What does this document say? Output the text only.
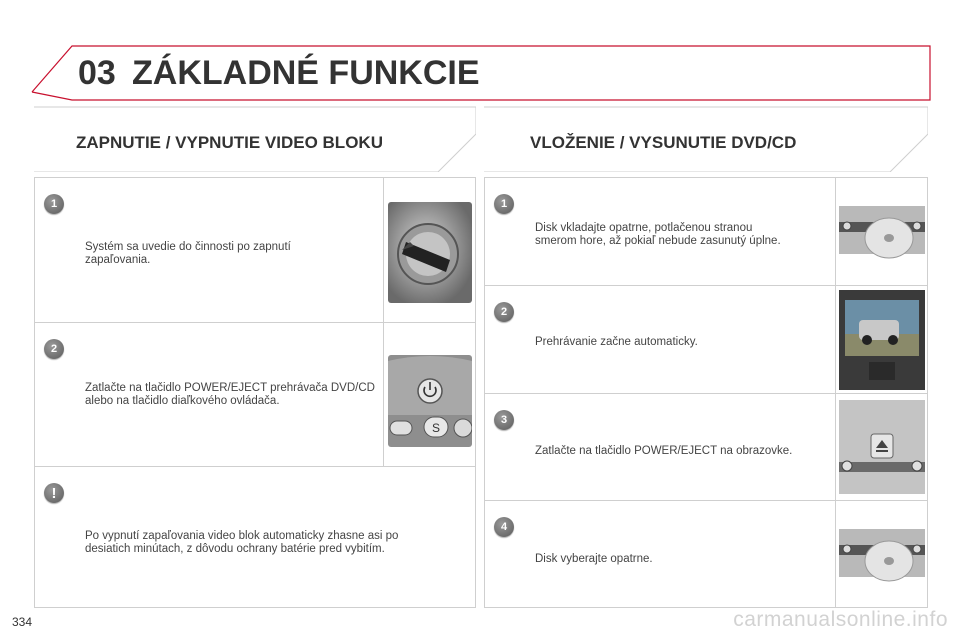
03 ZÁKLADNÉ FUNKCIE
ZAPNUTIE / VYPNUTIE VIDEO BLOKU	VLOŽENIE / VYSUNUTIE DVD/CD
1
Systém sa uvedie do činnosti po zapnutí zapaľovania.
2
Zatlačte na tlačidlo POWER/EJECT prehrávača DVD/CD alebo na tlačidlo diaľkového ovládača.
S
!
Po vypnutí zapaľovania video blok automaticky zhasne asi po desiatich minútach, z dôvodu ochrany batérie pred vybitím.
1
Disk vkladajte opatrne, potlačenou stranou smerom hore, až pokiaľ nebude zasunutý úplne.
2
Prehrávanie začne automaticky.
3
Zatlačte na tlačidlo POWER/EJECT na obrazovke.
4
Disk vyberajte opatrne.
334	carmanualsonline.info
